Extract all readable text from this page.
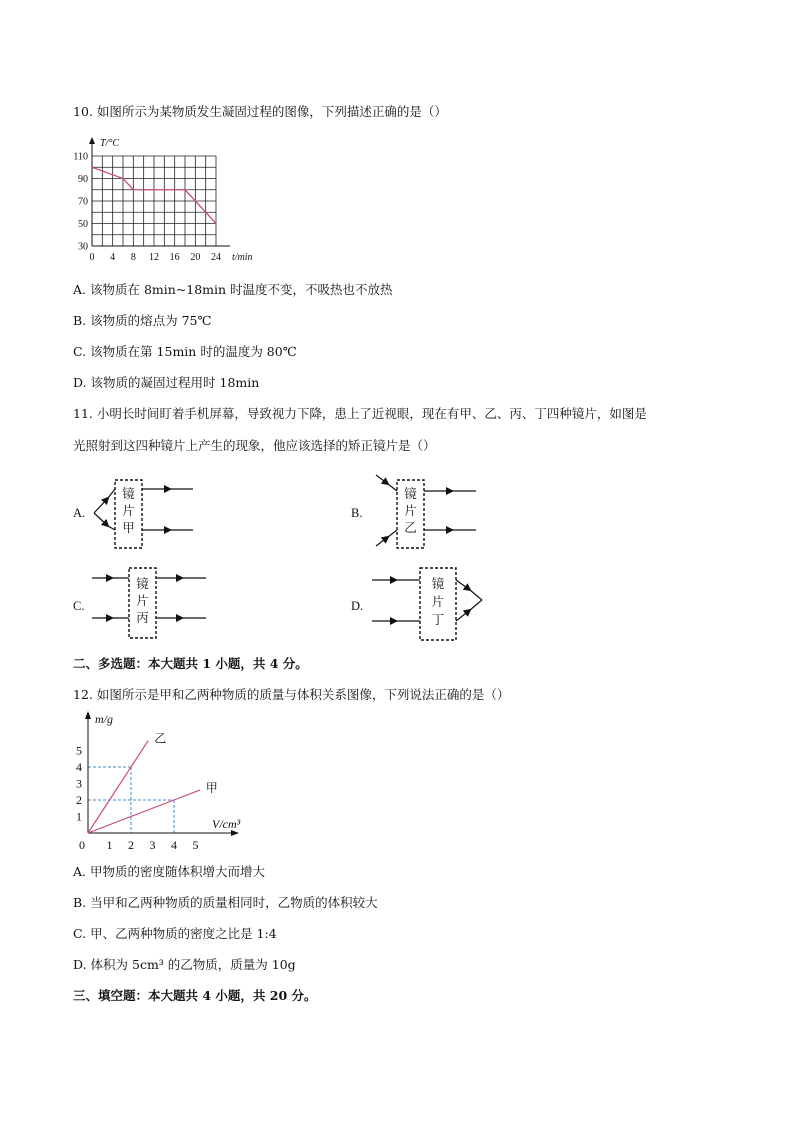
10. 如图所示为某物质发生凝固过程的图像，下列描述正确的是（）
T/°C
t/min
0 4 8 12 16 20 24
30
50
70
90
110
A. 该物质在 8min~18min 时温度不变，不吸热也不放热
B. 该物质的熔点为 75℃
C. 该物质在第 15min 时的温度为 80℃
D. 该物质的凝固过程用时 18min
11. 小明长时间盯着手机屏幕，导致视力下降，患上了近视眼，现在有甲、乙、丙、丁四种镜片，如图是
光照射到这四种镜片上产生的现象，他应该选择的矫正镜片是（）
A.
镜
片
甲
B.
镜
片
乙
C.
镜
片
丙
D.
镜
片
丁
二、多选题：本大题共 1 小题，共 4 分。
12. 如图所示是甲和乙两种物质的质量与体积关系图像，下列说法正确的是（）
m/g
V/cm³
0 1 2 3 4 5
1
2
3
4
5
乙
甲
A. 甲物质的密度随体积增大而增大
B. 当甲和乙两种物质的质量相同时，乙物质的体积较大
C. 甲、乙两种物质的密度之比是 1:4
D. 体积为 5cm³ 的乙物质，质量为 10g
三、填空题：本大题共 4 小题，共 20 分。
